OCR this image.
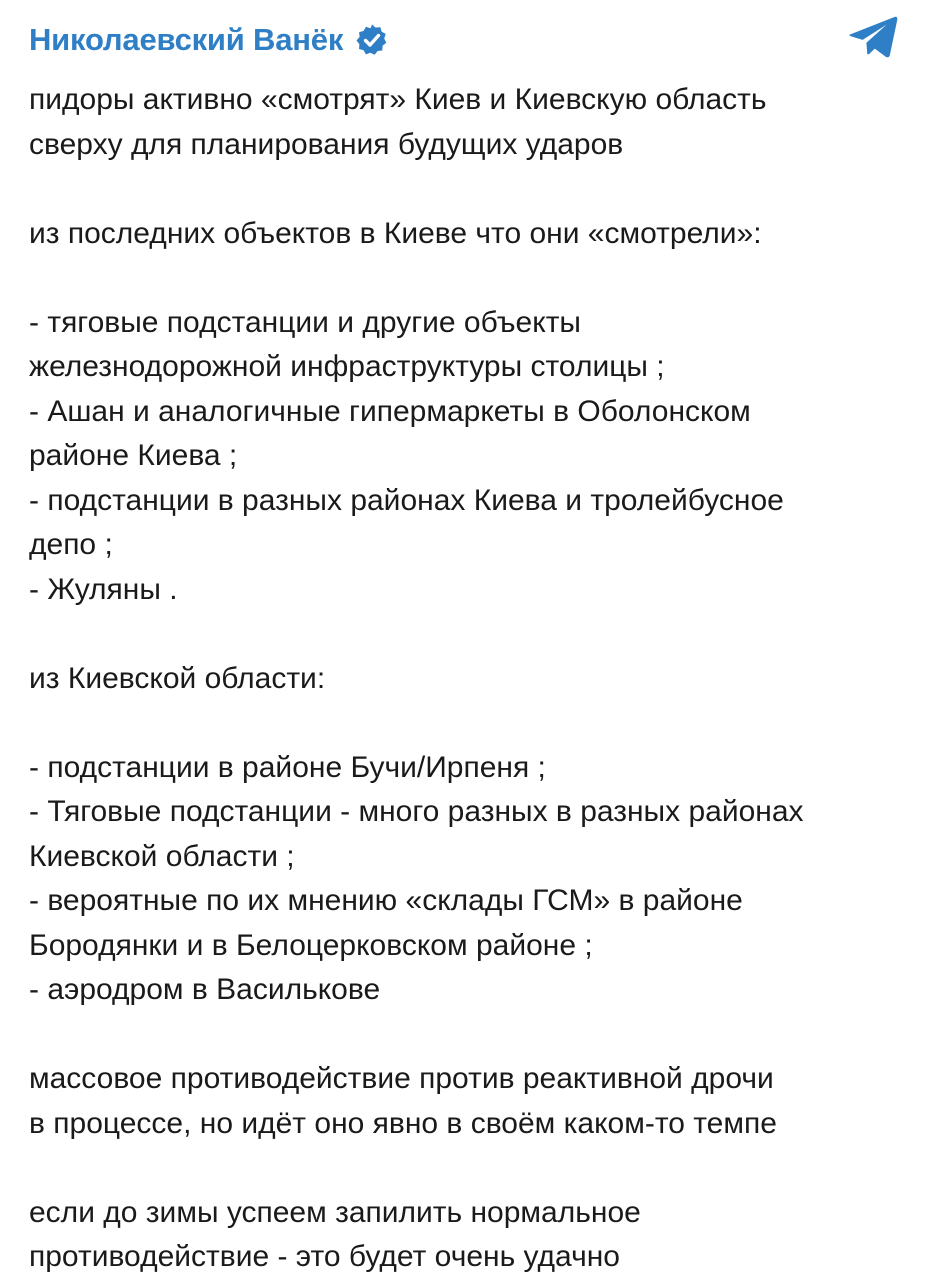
Николаевский Ванёк
пидоры активно «смотрят» Киев и Киевскую область
сверху для планирования будущих ударов
из последних объектов в Киеве что они «смотрели»:
- тяговые подстанции и другие объекты
железнодорожной инфраструктуры столицы ;
- Ашан и аналогичные гипермаркеты в Оболонском
районе Киева ;
- подстанции в разных районах Киева и тролейбусное
депо ;
- Жуляны .
из Киевской области:
- подстанции в районе Бучи/Ирпеня ;
- Тяговые подстанции - много разных в разных районах
Киевской области ;
- вероятные по их мнению «склады ГСМ» в районе
Бородянки и в Белоцерковском районе ;
- аэродром в Василькове
массовое противодействие против реактивной дрочи
в процессе, но идёт оно явно в своём каком-то темпе
если до зимы успеем запилить нормальное
противодействие - это будет очень удачно
